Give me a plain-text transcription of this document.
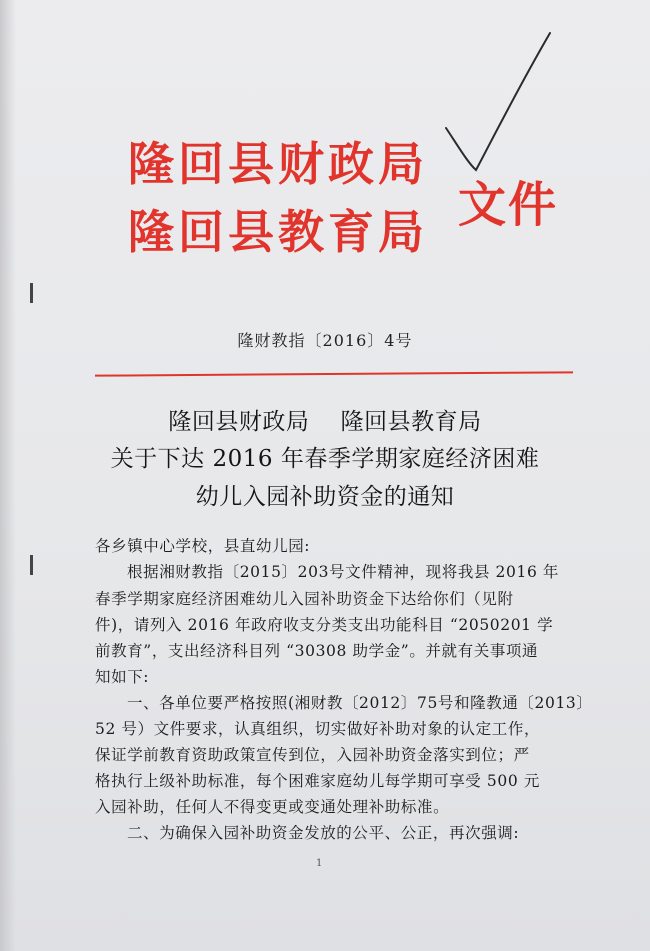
隆回县财政局
隆回县教育局 文件
隆财教指〔2016〕4号
隆回县财政局　 隆回县教育局
关于下达 2016 年春季学期家庭经济困难
幼儿入园补助资金的通知
各乡镇中心学校，县直幼儿园:
根据湘财教指〔2015〕203号文件精神，现将我县 2016 年
春季学期家庭经济困难幼儿入园补助资金下达给你们（见附
件)，请列入 2016 年政府收支分类支出功能科目 “2050201 学
前教育”，支出经济科目列 “30308 助学金”。并就有关事项通
知如下:
一、各单位要严格按照(湘财教〔2012〕75号和隆教通〔2013〕
52 号）文件要求，认真组织，切实做好补助对象的认定工作，
保证学前教育资助政策宣传到位，入园补助资金落实到位；严
格执行上级补助标准，每个困难家庭幼儿每学期可享受 500 元
入园补助，任何人不得变更或变通处理补助标准。
二、为确保入园补助资金发放的公平、公正，再次强调:
1
